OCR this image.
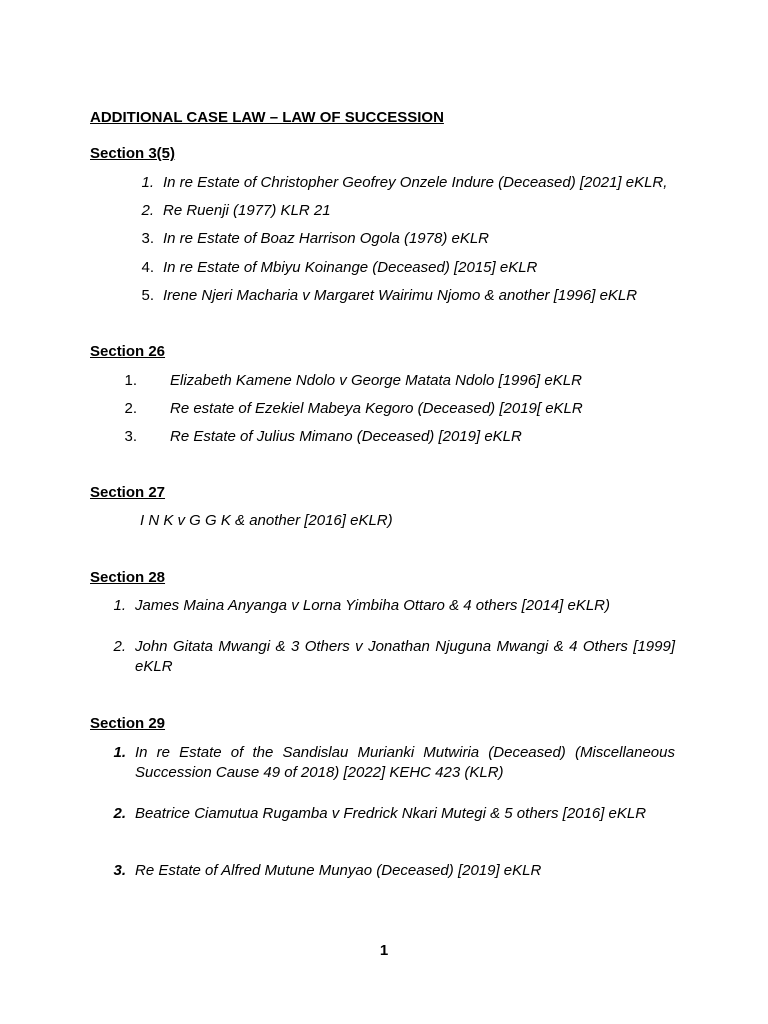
ADDITIONAL CASE LAW – LAW OF SUCCESSION
Section 3(5)
1. In re Estate of Christopher Geofrey Onzele Indure (Deceased) [2021] eKLR,
2. Re Ruenji (1977) KLR 21
3. In re Estate of Boaz Harrison Ogola (1978) eKLR
4. In re Estate of Mbiyu Koinange (Deceased) [2015] eKLR
5. Irene Njeri Macharia v Margaret Wairimu Njomo & another [1996] eKLR
Section 26
1. Elizabeth Kamene Ndolo v George Matata Ndolo [1996] eKLR
2. Re estate of Ezekiel Mabeya Kegoro (Deceased) [2019[ eKLR
3. Re Estate of Julius Mimano (Deceased) [2019] eKLR
Section 27
I N K v G G K & another [2016] eKLR)
Section 28
1. James Maina Anyanga v Lorna Yimbiha Ottaro & 4 others [2014] eKLR)
2. John Gitata Mwangi & 3 Others v Jonathan Njuguna Mwangi & 4 Others [1999] eKLR
Section 29
1. In re Estate of the Sandislau Murianki Mutwiria (Deceased) (Miscellaneous Succession Cause 49 of 2018) [2022] KEHC 423 (KLR)
2. Beatrice Ciamutua Rugamba v Fredrick Nkari Mutegi & 5 others [2016] eKLR
3. Re Estate of Alfred Mutune Munyao (Deceased) [2019] eKLR
1
